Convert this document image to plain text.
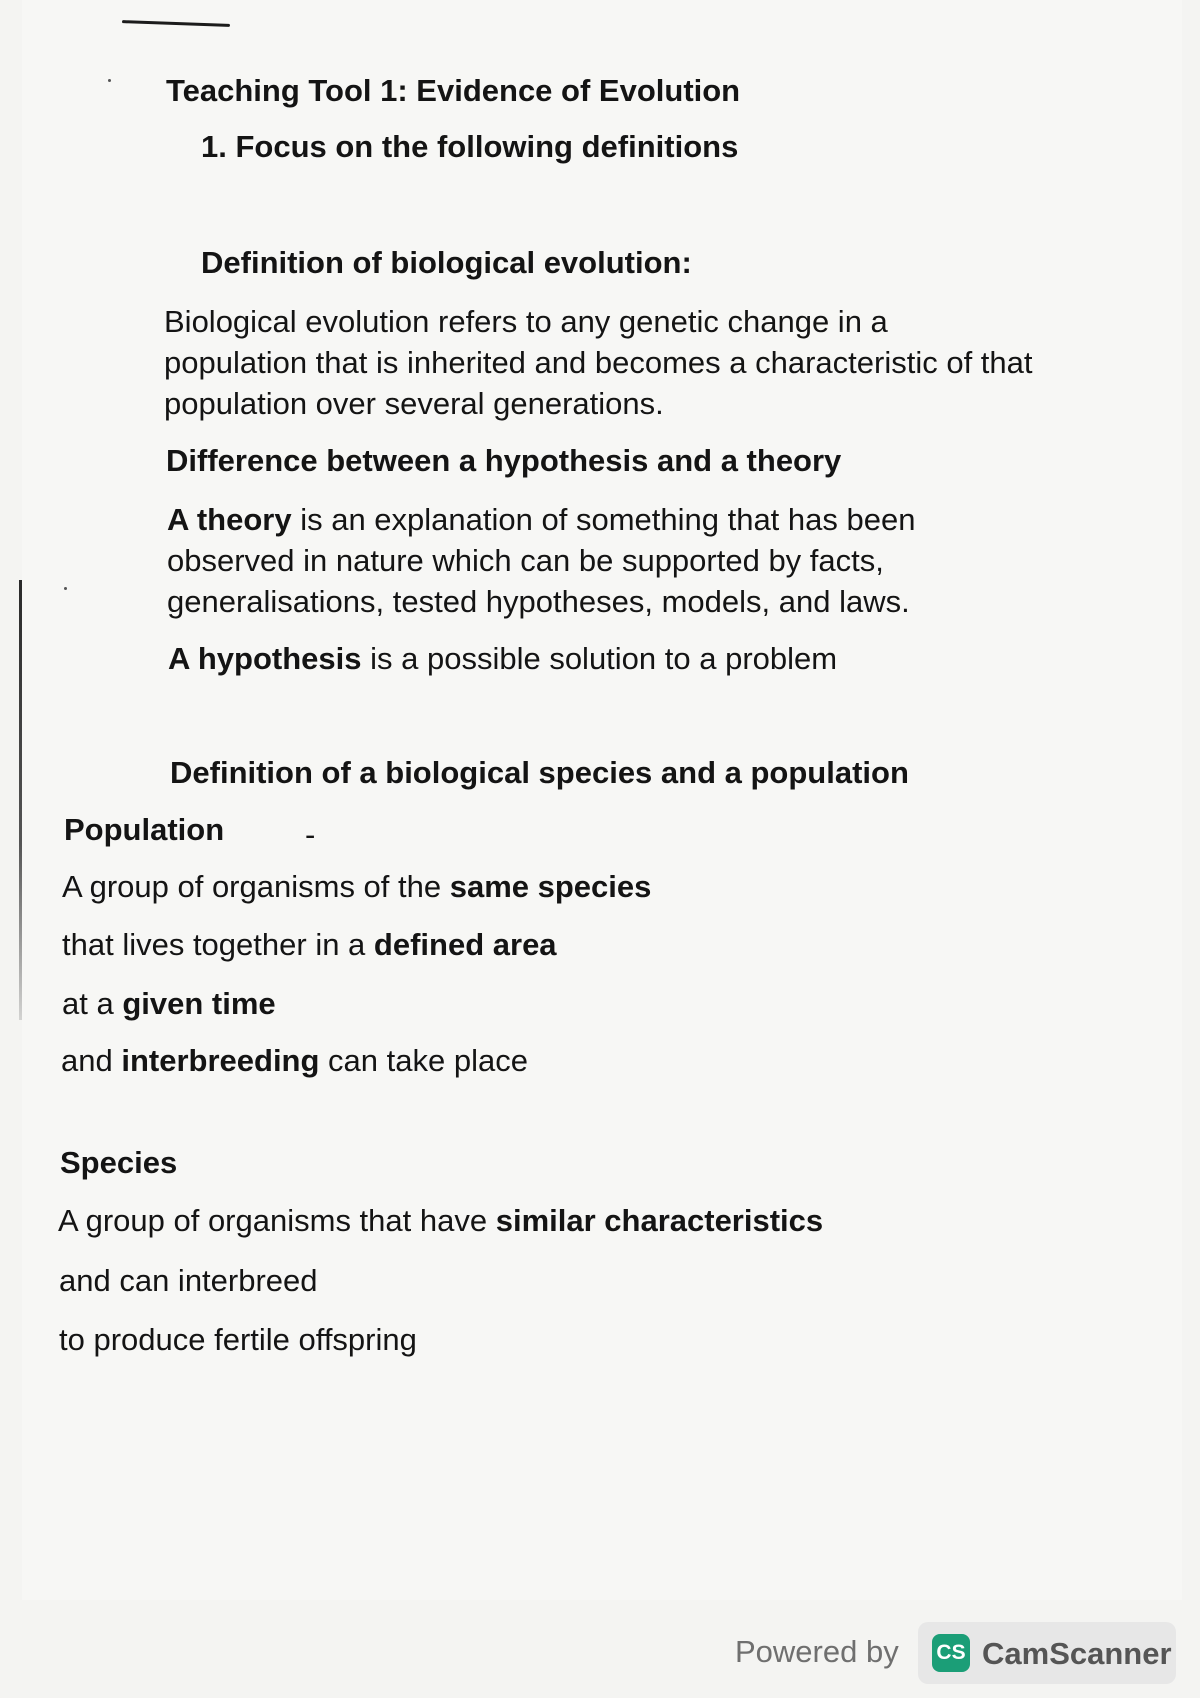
Teaching Tool 1: Evidence of Evolution
1. Focus on the following definitions
Definition of biological evolution:
Biological evolution refers to any genetic change in a
population that is inherited and becomes a characteristic of that
population over several generations.
Difference between a hypothesis and a theory
A theory is an explanation of something that has been
observed in nature which can be supported by facts,
generalisations, tested hypotheses, models, and laws.
A hypothesis is a possible solution to a problem
Definition of a biological species and a population
Population	-
A group of organisms of the same species
that lives together in a defined area
at a given time
and interbreeding can take place
Species
A group of organisms that have similar characteristics
and can interbreed
to produce fertile offspring
Powered by CS CamScanner
